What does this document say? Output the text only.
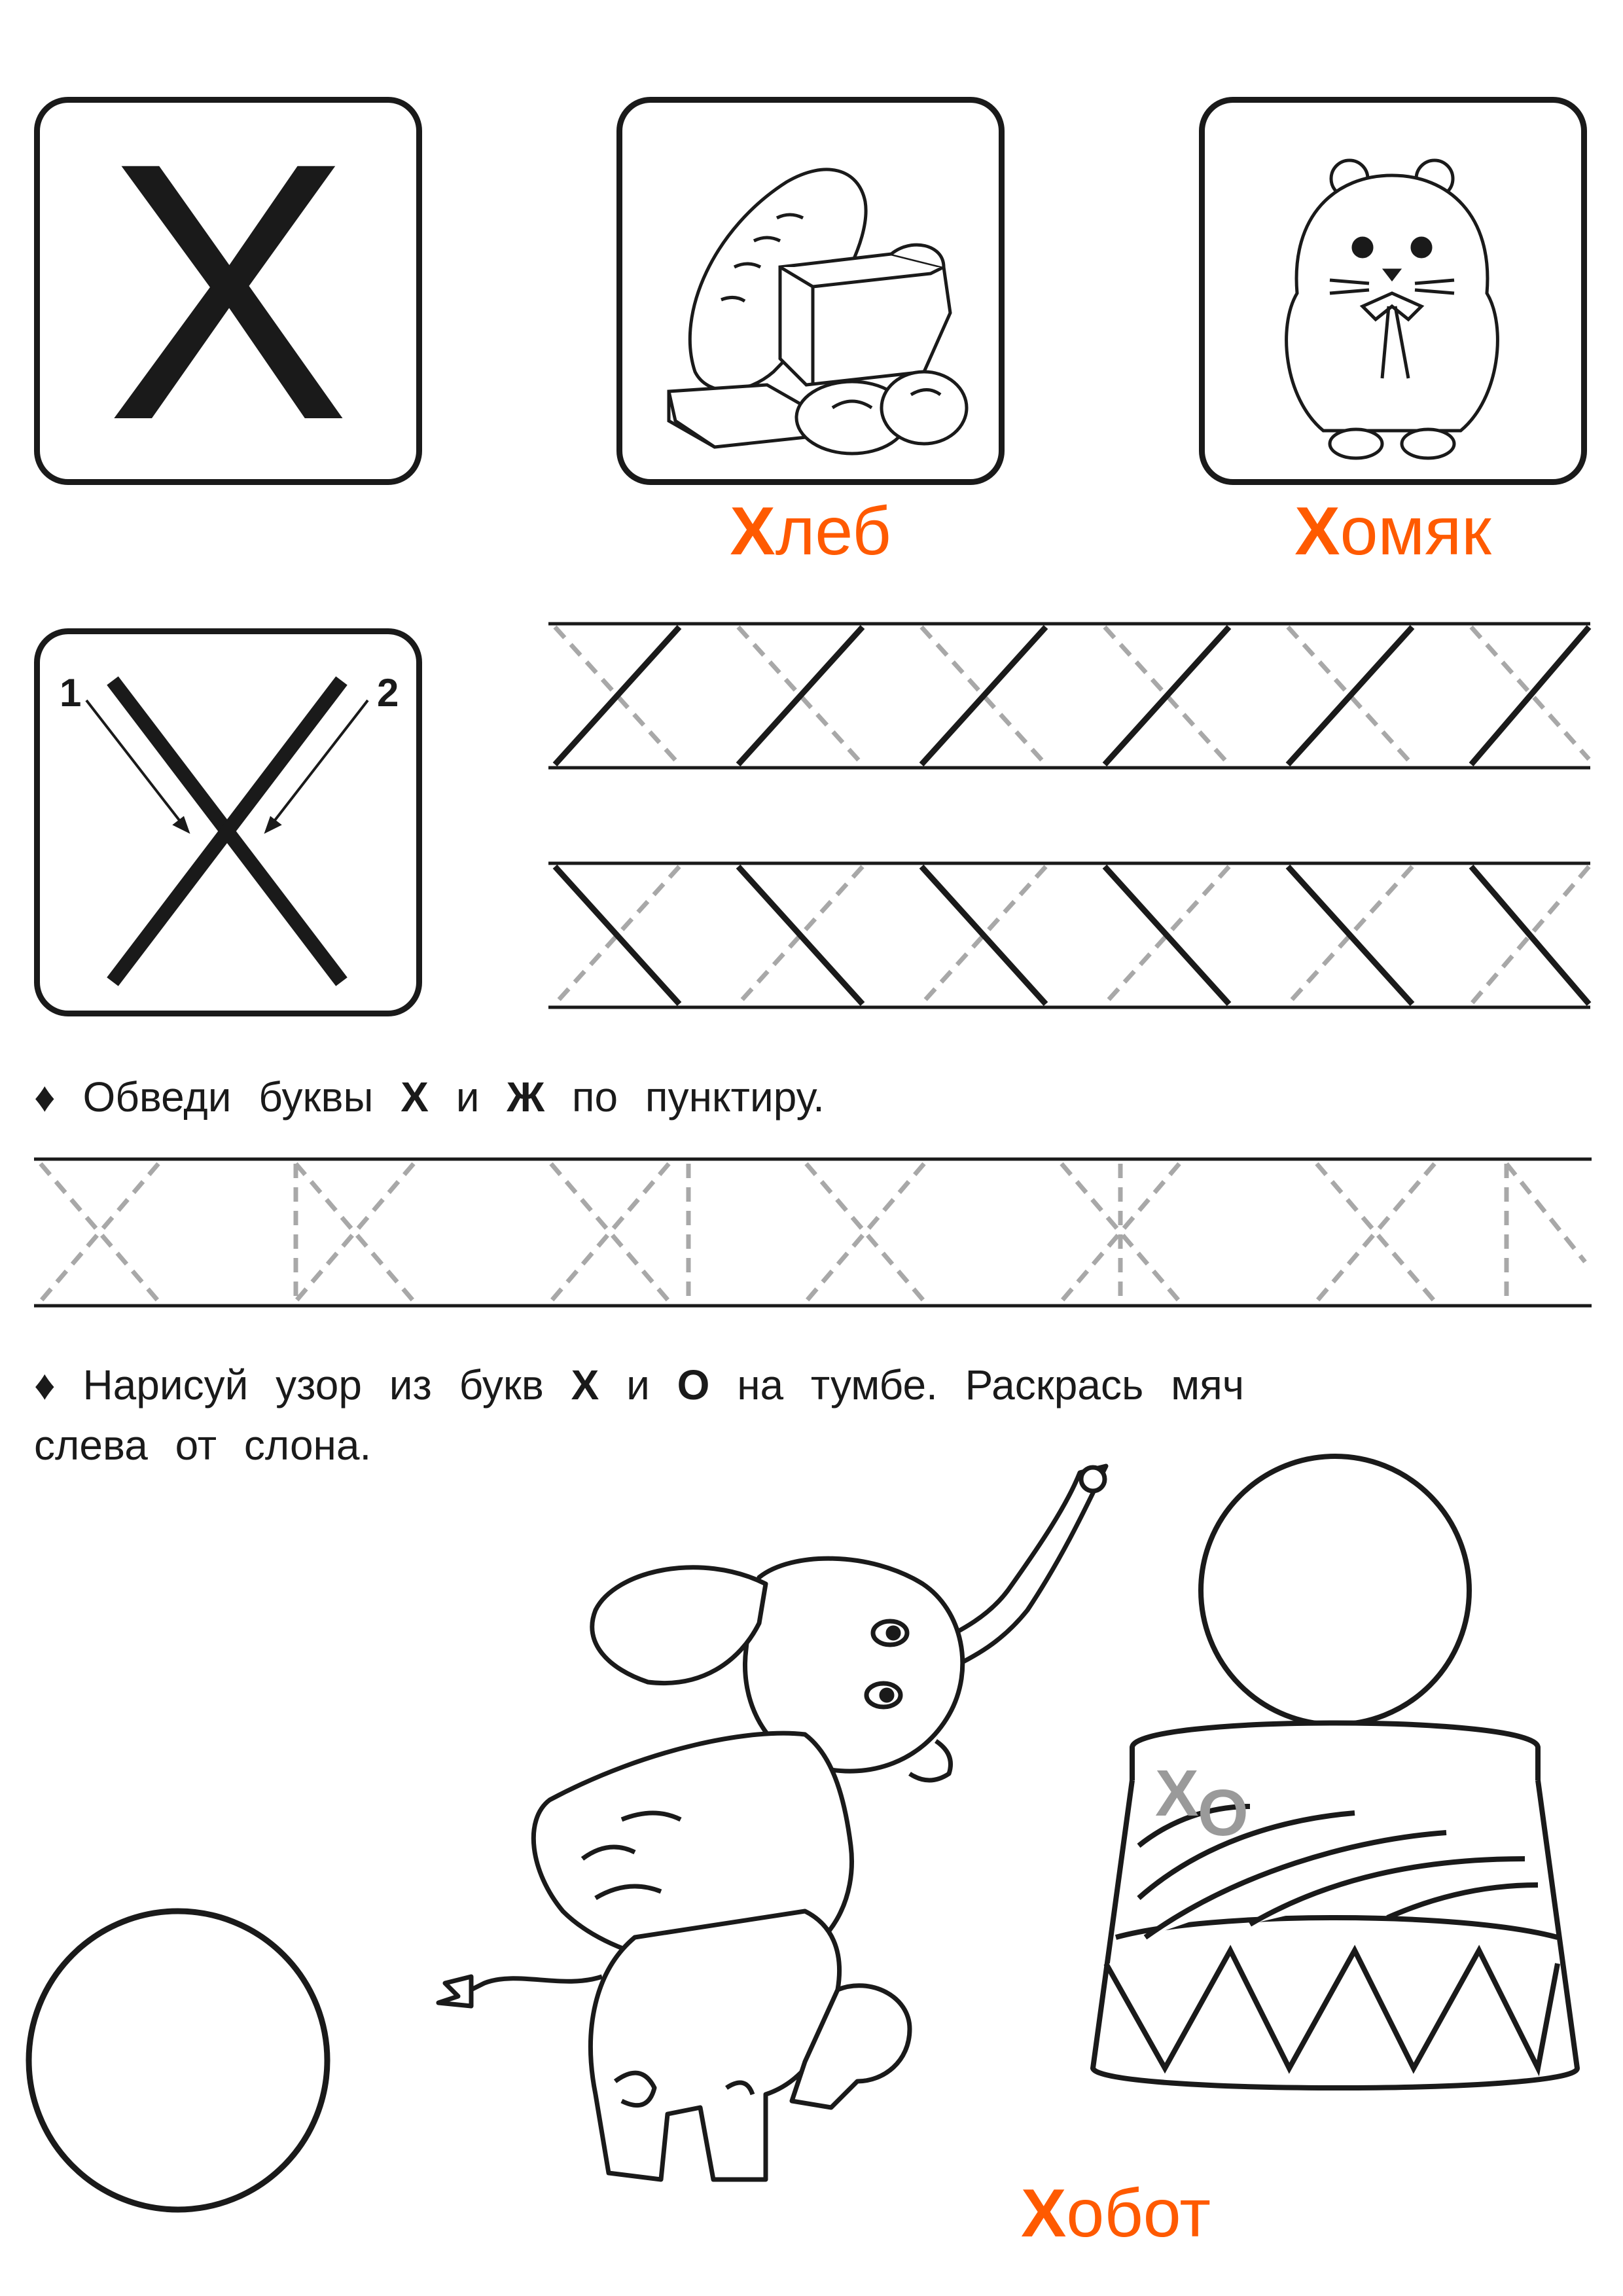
Х
Хлеб	Хомяк
1	2
♦ Обведи буквы Х и Ж по пунктиру.
♦ Нарисуй узор из букв Х и О на тумбе. Раскрась мяч
слева от слона.
Х
О
Хобот
